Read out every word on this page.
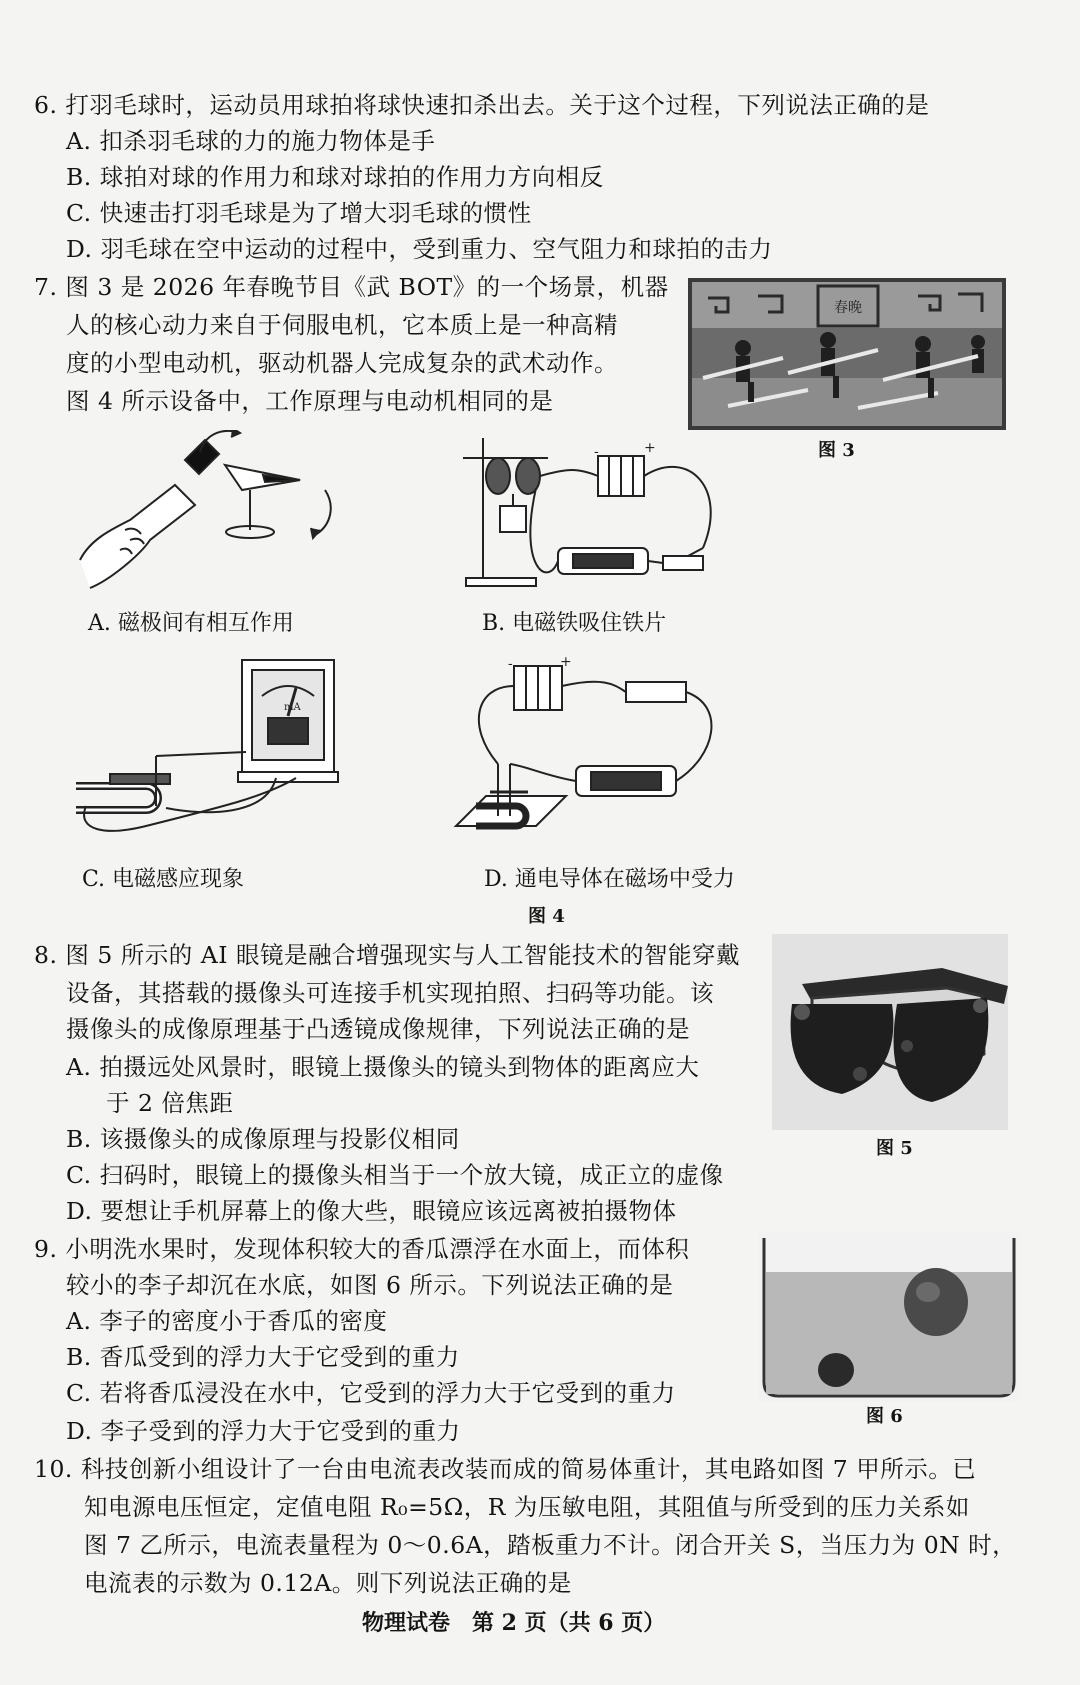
6. 打羽毛球时，运动员用球拍将球快速扣杀出去。关于这个过程，下列说法正确的是
A. 扣杀羽毛球的力的施力物体是手
B. 球拍对球的作用力和球对球拍的作用力方向相反
C. 快速击打羽毛球是为了增大羽毛球的惯性
D. 羽毛球在空中运动的过程中，受到重力、空气阻力和球拍的击力
7. 图 3 是 2026 年春晚节目《武 BOT》的一个场景，机器
人的核心动力来自于伺服电机，它本质上是一种高精
度的小型电动机，驱动机器人完成复杂的武术动作。
图 4 所示设备中，工作原理与电动机相同的是
春晚
图 3
A. 磁极间有相互作用
-	+
B. 电磁铁吸住铁片
mA
C. 电磁感应现象
-	+
D. 通电导体在磁场中受力
图 4
8. 图 5 所示的 AI 眼镜是融合增强现实与人工智能技术的智能穿戴
设备，其搭载的摄像头可连接手机实现拍照、扫码等功能。该
摄像头的成像原理基于凸透镜成像规律，下列说法正确的是
A. 拍摄远处风景时，眼镜上摄像头的镜头到物体的距离应大
于 2 倍焦距
B. 该摄像头的成像原理与投影仪相同
C. 扫码时，眼镜上的摄像头相当于一个放大镜，成正立的虚像
D. 要想让手机屏幕上的像大些，眼镜应该远离被拍摄物体
图 5
9. 小明洗水果时，发现体积较大的香瓜漂浮在水面上，而体积
较小的李子却沉在水底，如图 6 所示。下列说法正确的是
A. 李子的密度小于香瓜的密度
B. 香瓜受到的浮力大于它受到的重力
C. 若将香瓜浸没在水中，它受到的浮力大于它受到的重力
D. 李子受到的浮力大于它受到的重力
图 6
10. 科技创新小组设计了一台由电流表改装而成的简易体重计，其电路如图 7 甲所示。已
知电源电压恒定，定值电阻 R₀=5Ω，R 为压敏电阻，其阻值与所受到的压力关系如
图 7 乙所示，电流表量程为 0～0.6A，踏板重力不计。闭合开关 S，当压力为 0N 时，
电流表的示数为 0.12A。则下列说法正确的是
物理试卷　第 2 页（共 6 页）
